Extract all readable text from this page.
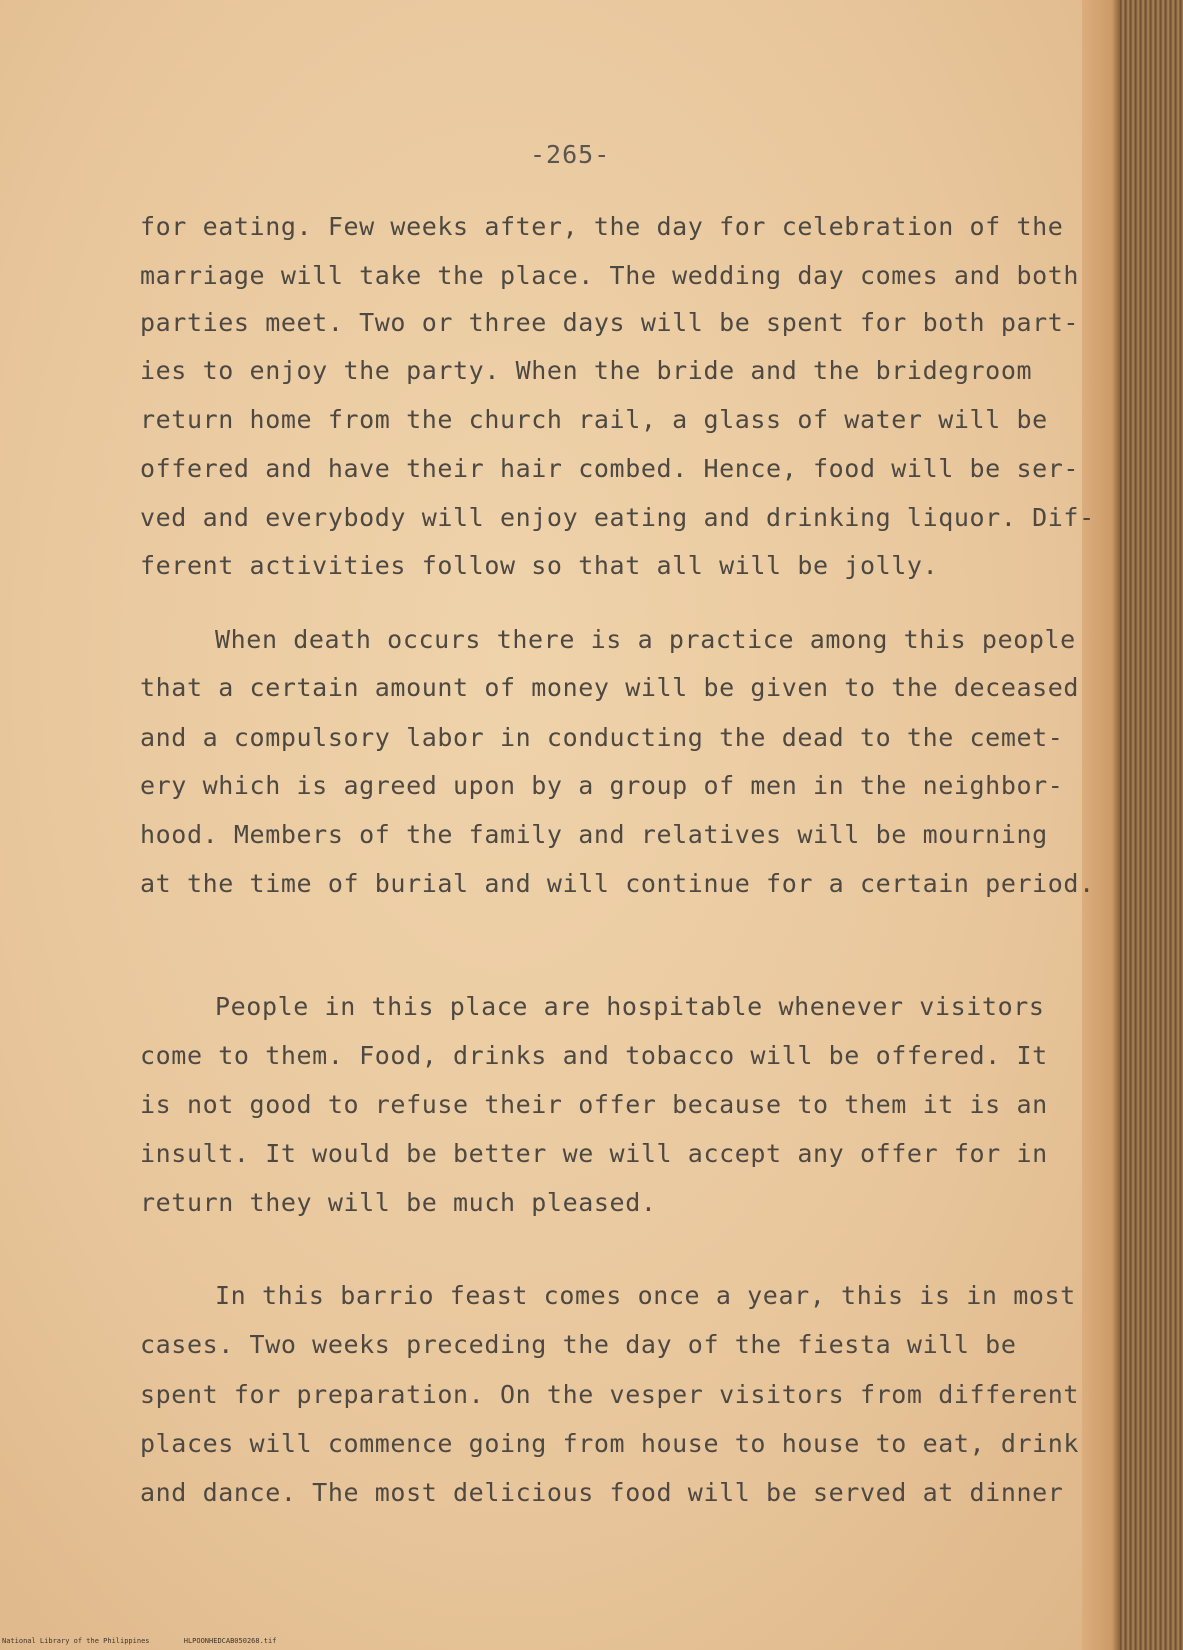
-265-
for eating. Few weeks after, the day for celebration of the
marriage will take the place. The wedding day comes and both
parties meet. Two or three days will be spent for both part-
ies to enjoy the party. When the bride and the bridegroom
return home from the church rail, a glass of water will be
offered and have their hair combed. Hence, food will be ser-
ved and everybody will enjoy eating and drinking liquor. Dif-
ferent activities follow so that all will be jolly.
When death occurs there is a practice among this people
that a certain amount of money will be given to the deceased
and a compulsory labor in conducting the dead to the cemet-
ery which is agreed upon by a group of men in the neighbor-
hood. Members of the family and relatives will be mourning
at the time of burial and will continue for a certain period.
People in this place are hospitable whenever visitors
come to them. Food, drinks and tobacco will be offered. It
is not good to refuse their offer because to them it is an
insult. It would be better we will accept any offer for in
return they will be much pleased.
In this barrio feast comes once a year, this is in most
cases. Two weeks preceding the day of the fiesta will be
spent for preparation. On the vesper visitors from different
places will commence going from house to house to eat, drink
and dance. The most delicious food will be served at dinner
National Library of the Philippines	HLPOONHEDCAB050268.tif
